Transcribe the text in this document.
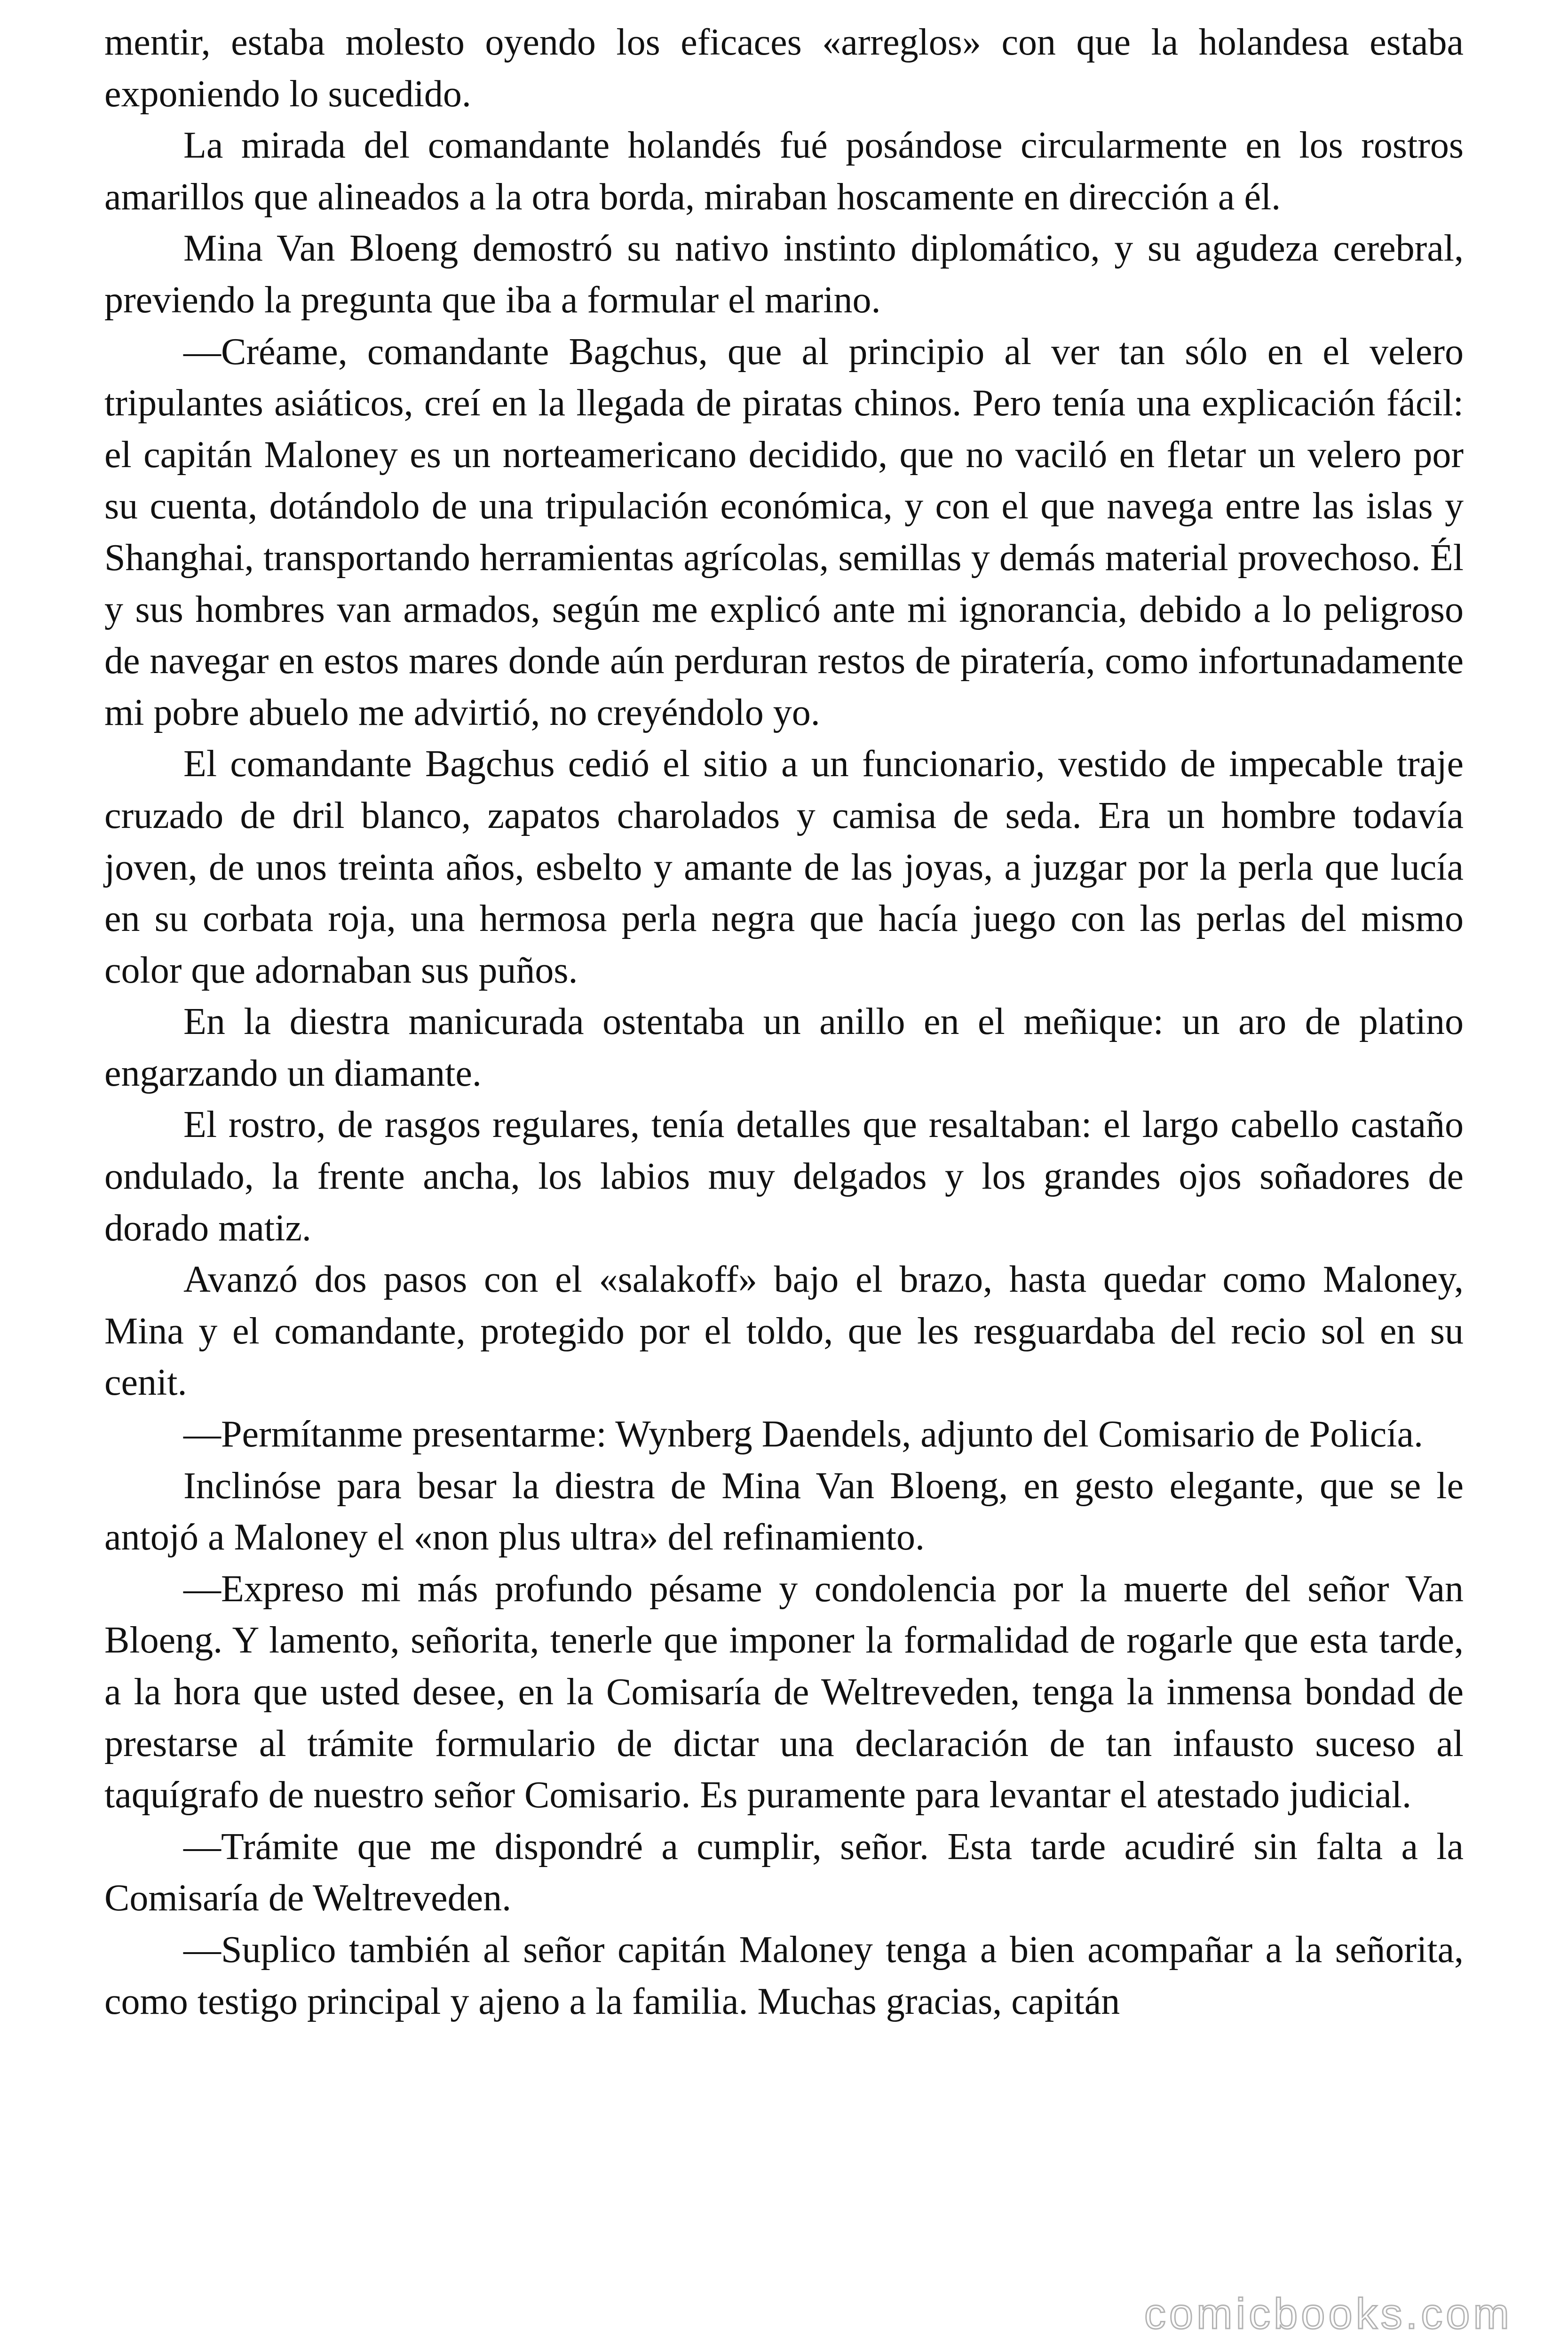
mentir, estaba molesto oyendo los eficaces «arreglos» con que la holandesa estaba exponiendo lo sucedido.

La mirada del comandante holandés fué posándose circularmente en los rostros amarillos que alineados a la otra borda, miraban hoscamente en dirección a él.

Mina Van Bloeng demostró su nativo instinto diplomático, y su agudeza cerebral, previendo la pregunta que iba a formular el marino.

—Créame, comandante Bagchus, que al principio al ver tan sólo en el velero tripulantes asiáticos, creí en la llegada de piratas chinos. Pero tenía una explicación fácil: el capitán Maloney es un norteamericano decidido, que no vaciló en fletar un velero por su cuenta, dotándolo de una tripulación económica, y con el que navega entre las islas y Shanghai, transportando herramientas agrícolas, semillas y demás material provechoso. Él y sus hombres van armados, según me explicó ante mi ignorancia, debido a lo peligroso de navegar en estos mares donde aún perduran restos de piratería, como infortunadamente mi pobre abuelo me advirtió, no creyéndolo yo.

El comandante Bagchus cedió el sitio a un funcionario, vestido de impecable traje cruzado de dril blanco, zapatos charolados y camisa de seda. Era un hombre todavía joven, de unos treinta años, esbelto y amante de las joyas, a juzgar por la perla que lucía en su corbata roja, una hermosa perla negra que hacía juego con las perlas del mismo color que adornaban sus puños.

En la diestra manicurada ostentaba un anillo en el meñique: un aro de platino engarzando un diamante.

El rostro, de rasgos regulares, tenía detalles que resaltaban: el largo cabello castaño ondulado, la frente ancha, los labios muy delgados y los grandes ojos soñadores de dorado matiz.

Avanzó dos pasos con el «salakoff» bajo el brazo, hasta quedar como Maloney, Mina y el comandante, protegido por el toldo, que les resguardaba del recio sol en su cenit.

—Permítanme presentarme: Wynberg Daendels, adjunto del Comisario de Policía.

Inclinóse para besar la diestra de Mina Van Bloeng, en gesto elegante, que se le antojó a Maloney el «non plus ultra» del refinamiento.

—Expreso mi más profundo pésame y condolencia por la muerte del señor Van Bloeng. Y lamento, señorita, tenerle que imponer la formalidad de rogarle que esta tarde, a la hora que usted desee, en la Comisaría de Weltreveden, tenga la inmensa bondad de prestarse al trámite formulario de dictar una declaración de tan infausto suceso al taquígrafo de nuestro señor Comisario. Es puramente para levantar el atestado judicial.

—Trámite que me dispondré a cumplir, señor. Esta tarde acudiré sin falta a la Comisaría de Weltreveden.

—Suplico también al señor capitán Maloney tenga a bien acompañar a la señorita, como testigo principal y ajeno a la familia. Muchas gracias, capitán

comicbooks.com
